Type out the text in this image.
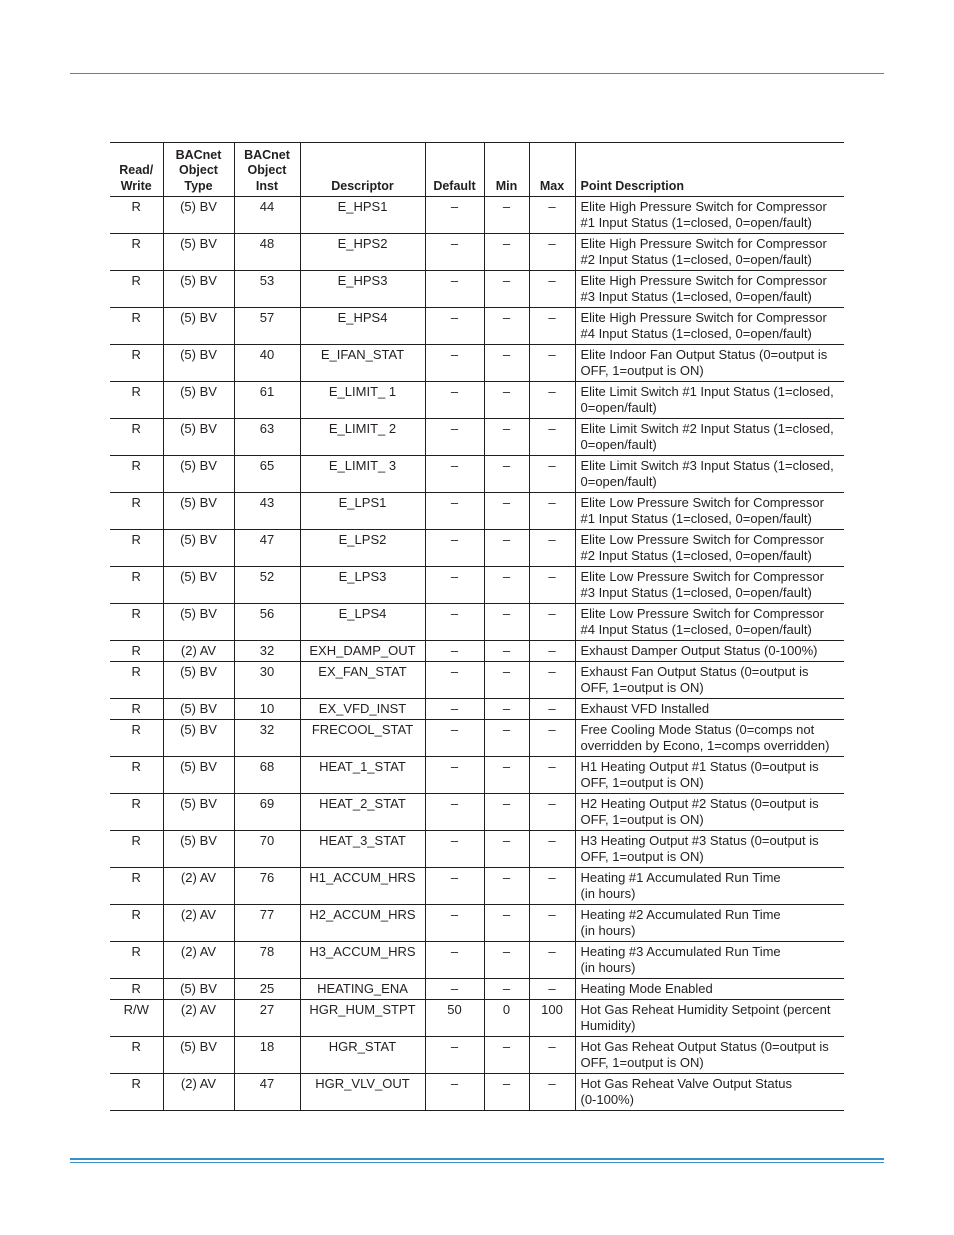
Read/
Write	BACnet
Object
Type	BACnet
Object
Inst	Descriptor	Default	Min	Max	Point Description
R	(5) BV	44	E_HPS1	–	–	–	Elite High Pressure Switch for Compressor
#1 Input Status (1=closed, 0=open/fault)

R	(5) BV	48	E_HPS2	–	–	–	Elite High Pressure Switch for Compressor
#2 Input Status (1=closed, 0=open/fault)

R	(5) BV	53	E_HPS3	–	–	–	Elite High Pressure Switch for Compressor
#3 Input Status (1=closed, 0=open/fault)

R	(5) BV	57	E_HPS4	–	–	–	Elite High Pressure Switch for Compressor
#4 Input Status (1=closed, 0=open/fault)

R	(5) BV	40	E_IFAN_STAT	–	–	–	Elite Indoor Fan Output Status (0=output is
OFF, 1=output is ON)

R	(5) BV	61	E_LIMIT_ 1	–	–	–	Elite Limit Switch #1 Input Status (1=closed,
0=open/fault)

R	(5) BV	63	E_LIMIT_ 2	–	–	–	Elite Limit Switch #2 Input Status (1=closed,
0=open/fault)

R	(5) BV	65	E_LIMIT_ 3	–	–	–	Elite Limit Switch #3 Input Status (1=closed,
0=open/fault)

R	(5) BV	43	E_LPS1	–	–	–	Elite Low Pressure Switch for Compressor
#1 Input Status (1=closed, 0=open/fault)

R	(5) BV	47	E_LPS2	–	–	–	Elite Low Pressure Switch for Compressor
#2 Input Status (1=closed, 0=open/fault)

R	(5) BV	52	E_LPS3	–	–	–	Elite Low Pressure Switch for Compressor
#3 Input Status (1=closed, 0=open/fault)

R	(5) BV	56	E_LPS4	–	–	–	Elite Low Pressure Switch for Compressor
#4 Input Status (1=closed, 0=open/fault)

R	(2) AV	32	EXH_DAMP_OUT	–	–	–	Exhaust Damper Output Status (0-100%)

R	(5) BV	30	EX_FAN_STAT	–	–	–	Exhaust Fan Output Status (0=output is
OFF, 1=output is ON)

R	(5) BV	10	EX_VFD_INST	–	–	–	Exhaust VFD Installed

R	(5) BV	32	FRECOOL_STAT	–	–	–	Free Cooling Mode Status (0=comps not
overridden by Econo, 1=comps overridden)

R	(5) BV	68	HEAT_1_STAT	–	–	–	H1 Heating Output #1 Status (0=output is
OFF, 1=output is ON)

R	(5) BV	69	HEAT_2_STAT	–	–	–	H2 Heating Output #2 Status (0=output is
OFF, 1=output is ON)

R	(5) BV	70	HEAT_3_STAT	–	–	–	H3 Heating Output #3 Status (0=output is
OFF, 1=output is ON)

R	(2) AV	76	H1_ACCUM_HRS	–	–	–	Heating #1 Accumulated Run Time
(in hours)

R	(2) AV	77	H2_ACCUM_HRS	–	–	–	Heating #2 Accumulated Run Time
(in hours)

R	(2) AV	78	H3_ACCUM_HRS	–	–	–	Heating #3 Accumulated Run Time
(in hours)

R	(5) BV	25	HEATING_ENA	–	–	–	Heating Mode Enabled

R/W	(2) AV	27	HGR_HUM_STPT	50	0	100	Hot Gas Reheat Humidity Setpoint (percent
Humidity)

R	(5) BV	18	HGR_STAT	–	–	–	Hot Gas Reheat Output Status (0=output is
OFF, 1=output is ON)

R	(2) AV	47	HGR_VLV_OUT	–	–	–	Hot Gas Reheat Valve Output Status
(0-100%)
